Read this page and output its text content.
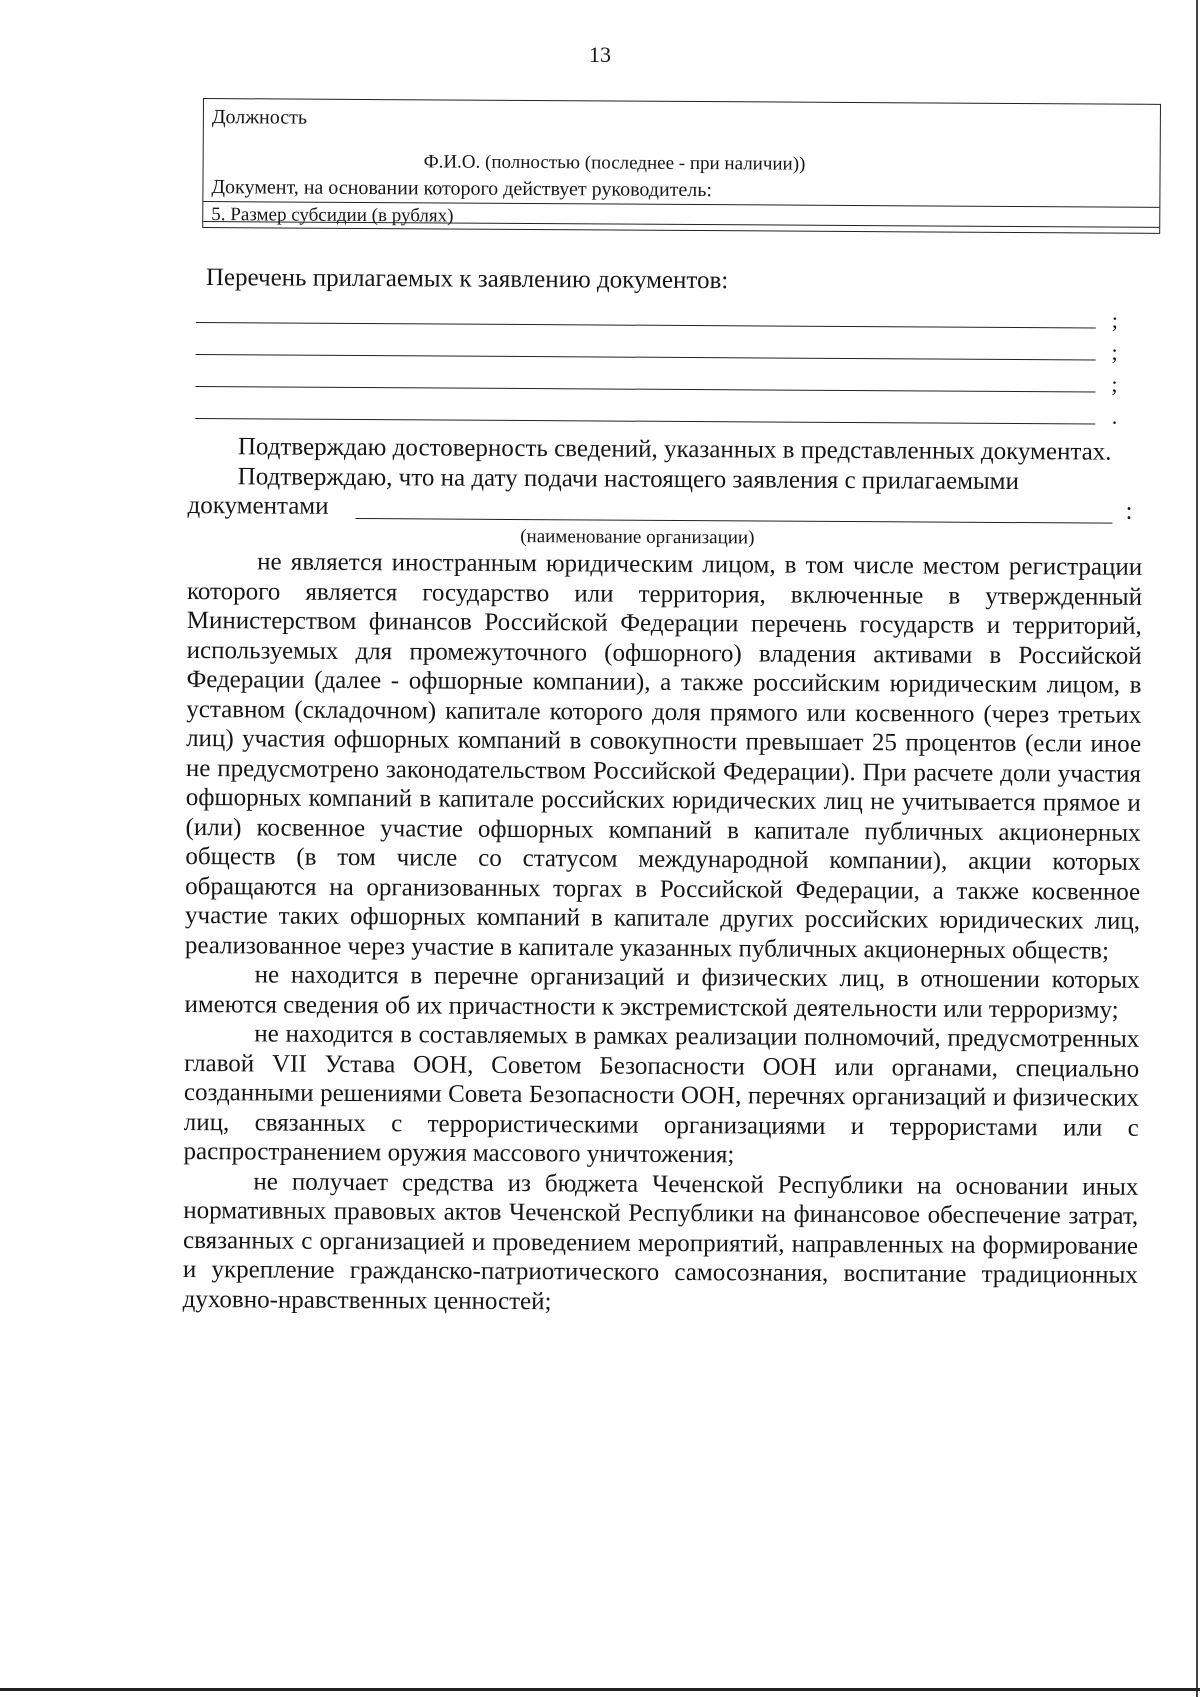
13
Должность
Ф.И.О. (полностью (последнее - при наличии))
Документ, на основании которого действует руководитель:
5. Размер субсидии (в рублях)
Перечень прилагаемых к заявлению документов:
;
;
;
.

Подтверждаю достоверность сведений, указанных в представленных документах.

Подтверждаю, что на дату подачи настоящего заявления с прилагаемыми

документами	:
(наименование организации)

не является иностранным юридическим лицом, в том числе местом регистрации которого является государство или территория, включенные в утвержденный Министерством финансов Российской Федерации перечень государств и территорий, используемых для промежуточного (офшорного) владения активами в Российской Федерации (далее - офшорные компании), а также российским юридическим лицом, в уставном (складочном) капитале которого доля прямого или косвенного (через третьих лиц) участия офшорных компаний в совокупности превышает 25 процентов (если иное не предусмотрено законодательством Российской Федерации). При расчете доли участия офшорных компаний в капитале российских юридических лиц не учитывается прямое и (или) косвенное участие офшорных компаний в капитале публичных акционерных обществ (в том числе со статусом международной компании), акции которых обращаются на организованных торгах в Российской Федерации, а также косвенное участие таких офшорных компаний в капитале других российских юридических лиц, реализованное через участие в капитале указанных публичных акционерных обществ;

не находится в перечне организаций и физических лиц, в отношении которых имеются сведения об их причастности к экстремистской деятельности или терроризму;

не находится в составляемых в рамках реализации полномочий, предусмотренных главой VII Устава ООН, Советом Безопасности ООН или органами, специально созданными решениями Совета Безопасности ООН, перечнях организаций и физических лиц, связанных с террористическими организациями и террористами или с распространением оружия массового уничтожения;

не получает средства из бюджета Чеченской Республики на основании иных нормативных правовых актов Чеченской Республики на финансовое обеспечение затрат, связанных с организацией и проведением мероприятий, направленных на формирование и укрепление гражданско-патриотического самосознания, воспитание традиционных духовно-нравственных ценностей;
